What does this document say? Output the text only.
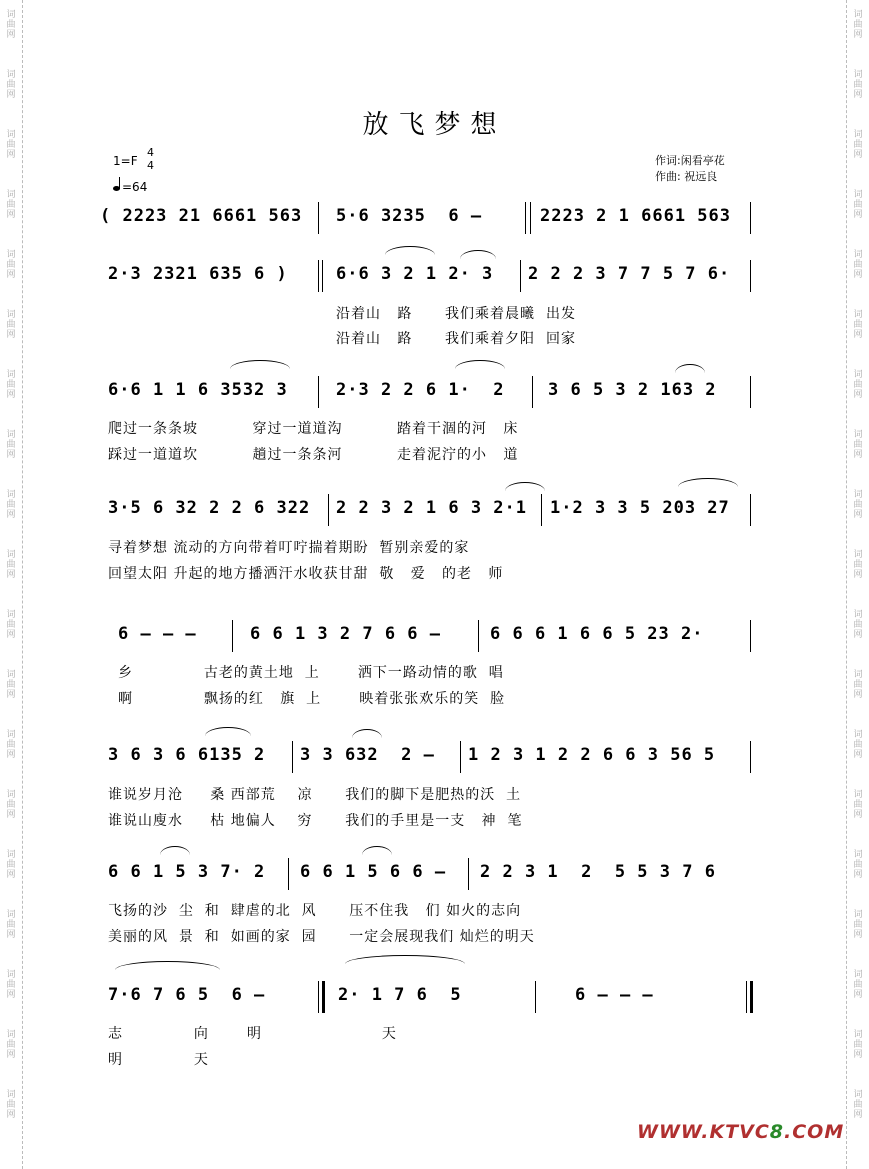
放飞梦想
1=F
4
4
=64
作词:闲看亭花
作曲: 祝远良
( 2223 21 6661 563 5·6 3235  6 –	2223 2 1 6661 563
2·3 2321 635 6 )	6·6 3 2 1 2· 3 2 2 2 3 7 7 5 7 6·
沿着山   路      我们乘着晨曦  出发
沿着山   路      我们乘着夕阳  回家
6·6 1 1 6 3532 3	2·3 2 2 6 1·  2	3 6 5 3 2 163 2
爬过一条条坡          穿过一道道沟          踏着干涸的河   床
踩过一道道坎          趟过一条条河          走着泥泞的小   道
3·5 6 32 2 2 6 322 2 2 3 2 1 6 3 2·1 1·2 3 3 5 203 27
寻着梦想 流动的方向带着叮咛揣着期盼  暂别亲爱的家
回望太阳 升起的地方播洒汗水收获甘甜  敬   爱   的老   师
6 – – –	6 6 1 3 2 7 6 6 –	6 6 6 1 6 6 5 23 2·
乡             古老的黄土地  上       洒下一路动情的歌  唱
啊             飘扬的红   旗  上       映着张张欢乐的笑  脸
3 6 3 6 6135 2 3 3 632  2 – 1 2 3 1 2 2 6 6 3 56 5
谁说岁月沧     桑 西部荒    凉      我们的脚下是肥热的沃  土
谁说山廋水     枯 地偏人    穷      我们的手里是一支   神  笔
6 6 1 5 3 7· 2 6 6 1 5 6 6 – 2 2 3 1  2  5 5 3 7 6
飞扬的沙  尘  和  肆虐的北  风      压不住我   们 如火的志向
美丽的风  景  和  如画的家  园      一定会展现我们 灿烂的明天
7·6 7 6 5  6 –	2· 1 7 6  5	6 – – –
志             向       明                      天
明             天
WWW.KTVC8.COM
词曲网
词曲网
词曲网
词曲网
词曲网
词曲网
词曲网
词曲网
词曲网
词曲网
词曲网
词曲网
词曲网
词曲网
词曲网
词曲网
词曲网
词曲网
词曲网
词曲网
词曲网
词曲网
词曲网
词曲网
词曲网
词曲网
词曲网
词曲网
词曲网
词曲网
词曲网
词曲网
词曲网
词曲网
词曲网
词曲网
词曲网
词曲网
